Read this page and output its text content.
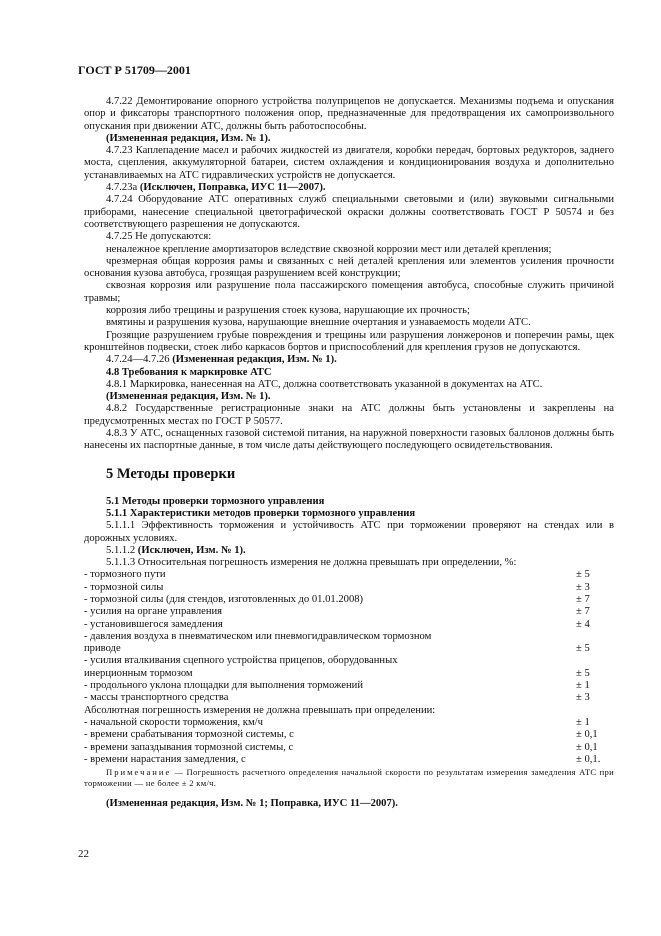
ГОСТ Р 51709—2001

4.7.22 Демонтирование опорного устройства полуприцепов не допускается. Механизмы подъема и опускания опор и фиксаторы транспортного положения опор, предназначенные для предотвращения их самопроизвольного опускания при движении АТС, должны быть работоспособны.

(Измененная редакция, Изм. № 1).

4.7.23 Каплепадение масел и рабочих жидкостей из двигателя, коробки передач, бортовых редукторов, заднего моста, сцепления, аккумуляторной батареи, систем охлаждения и кондиционирования воздуха и дополнительно устанавливаемых на АТС гидравлических устройств не допускается.

4.7.23а (Исключен, Поправка, ИУС 11—2007).

4.7.24 Оборудование АТС оперативных служб специальными световыми и (или) звуковыми сигнальными приборами, нанесение специальной цветографической окраски должны соответствовать ГОСТ Р 50574 и без соответствующего разрешения не допускаются.

4.7.25 Не допускаются:

неналежное крепление амортизаторов вследствие сквозной коррозии мест или деталей крепления;

чрезмерная общая коррозия рамы и связанных с ней деталей крепления или элементов усиления прочности основания кузова автобуса, грозящая разрушением всей конструкции;

сквозная коррозия или разрушение пола пассажирского помещения автобуса, способные служить причиной травмы;

коррозия либо трещины и разрушения стоек кузова, нарушающие их прочность;

вмятины и разрушения кузова, нарушающие внешние очертания и узнаваемость модели АТС.

Грозящие разрушением грубые повреждения и трещины или разрушения лонжеронов и поперечин рамы, щек кронштейнов подвески, стоек либо каркасов бортов и приспособлений для крепления грузов не допускаются.

4.7.24—4.7.26 (Измененная редакция, Изм. № 1).

4.8 Требования к маркировке АТС

4.8.1 Маркировка, нанесенная на АТС, должна соответствовать указанной в документах на АТС.

(Измененная редакция, Изм. № 1).

4.8.2 Государственные регистрационные знаки на АТС должны быть установлены и закреплены на предусмотренных местах по ГОСТ Р 50577.

4.8.3 У АТС, оснащенных газовой системой питания, на наружной поверхности газовых баллонов должны быть нанесены их паспортные данные, в том числе даты действующего последующего освидетельствования.

5 Методы проверки

5.1 Методы проверки тормозного управления

5.1.1 Характеристики методов проверки тормозного управления

5.1.1.1 Эффективность торможения и устойчивость АТС при торможении проверяют на стендах или в дорожных условиях.

5.1.1.2 (Исключен, Изм. № 1).

5.1.1.3 Относительная погрешность измерения не должна превышать при определении, %:

- тормозного пути	± 5
- тормозной силы	± 3
- тормозной силы (для стендов, изготовленных до 01.01.2008)	± 7
- усилия на органе управления	± 7
- установившегося замедления	± 4
- давления воздуха в пневматическом или пневмогидравлическом тормозном приводе	± 5
- усилия вталкивания сцепного устройства прицепов, оборудованных инерционным тормозом	± 5
- продольного уклона площадки для выполнения торможений	± 1
- массы транспортного средства	± 3

Абсолютная погрешность измерения не должна превышать при определении:

- начальной скорости торможения, км/ч	± 1
- времени срабатывания тормозной системы, с	± 0,1
- времени запаздывания тормозной системы, с	± 0,1
- времени нарастания замедления, с	± 0,1.

Примечание — Погрешность расчетного определения начальной скорости по результатам измерения замедления АТС при торможении — не более ± 2 км/ч.

(Измененная редакция, Изм. № 1; Поправка, ИУС 11—2007).

22
